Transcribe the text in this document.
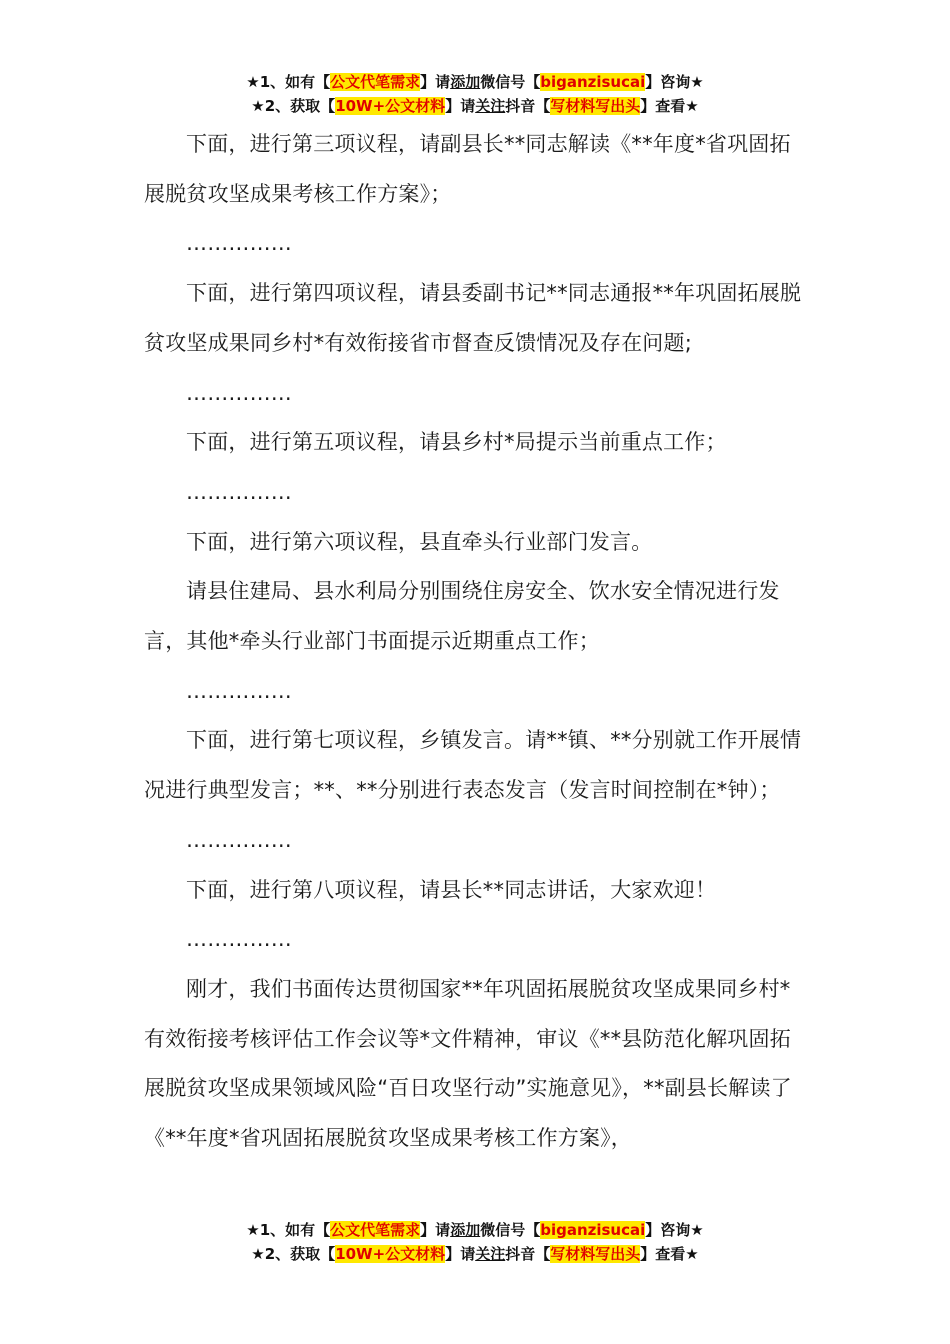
★1、如有【公文代笔需求】请添加微信号【biganzisucai】咨询★
★2、获取【10W+公文材料】请关注抖音【写材料写出头】查看★

下面，进行第三项议程，请副县长**同志解读《**年度*省巩固拓展脱贫攻坚成果考核工作方案》；

……………

下面，进行第四项议程，请县委副书记**同志通报**年巩固拓展脱贫攻坚成果同乡村*有效衔接省市督查反馈情况及存在问题;

……………

下面，进行第五项议程，请县乡村*局提示当前重点工作；

……………

下面，进行第六项议程，县直牵头行业部门发言。

请县住建局、县水利局分别围绕住房安全、饮水安全情况进行发言，其他*牵头行业部门书面提示近期重点工作；

……………

下面，进行第七项议程，乡镇发言。请**镇、**分别就工作开展情况进行典型发言；**、**分别进行表态发言（发言时间控制在*钟）；

……………

下面，进行第八项议程，请县长**同志讲话，大家欢迎！

……………

刚才，我们书面传达贯彻国家**年巩固拓展脱贫攻坚成果同乡村*有效衔接考核评估工作会议等*文件精神，审议《**县防范化解巩固拓展脱贫攻坚成果领域风险“百日攻坚行动”实施意见》，**副县长解读了《**年度*省巩固拓展脱贫攻坚成果考核工作方案》，

★1、如有【公文代笔需求】请添加微信号【biganzisucai】咨询★
★2、获取【10W+公文材料】请关注抖音【写材料写出头】查看★
